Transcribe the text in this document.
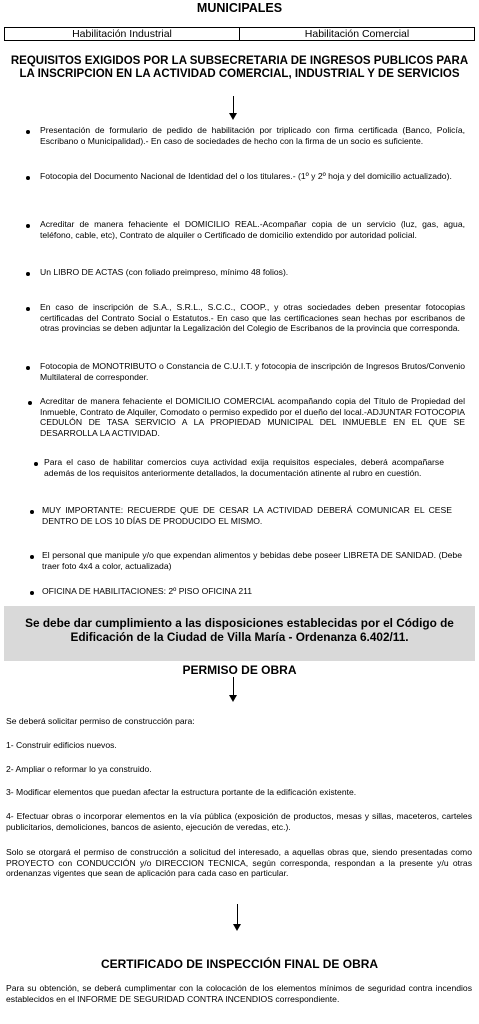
MUNICIPALES
Habilitación Industrial	Habilitación Comercial
REQUISITOS EXIGIDOS POR LA SUBSECRETARIA DE INGRESOS PUBLICOS PARA LA INSCRIPCION EN LA ACTIVIDAD COMERCIAL, INDUSTRIAL Y DE SERVICIOS
Presentación de formulario de pedido de habilitación por triplicado con firma certificada (Banco, Policía, Escribano o Municipalidad).- En caso de sociedades de hecho con la firma de un socio es suficiente.
Fotocopia del Documento Nacional de Identidad del o los titulares.- (1º y 2º hoja y del domicilio actualizado).
Acreditar de manera fehaciente el DOMICILIO REAL.-Acompañar copia de un servicio (luz, gas, agua, teléfono, cable, etc), Contrato de alquiler o Certificado de domicilio extendido por autoridad policial.
Un LIBRO DE ACTAS (con foliado preimpreso, mínimo 48 folios).
En caso de inscripción de S.A., S.R.L., S.C.C., COOP., y otras sociedades deben presentar fotocopias certificadas del Contrato Social o Estatutos.- En caso que las certificaciones sean hechas por escribanos de otras provincias se deben adjuntar la Legalización del Colegio de Escribanos de la provincia que corresponda.
Fotocopia de MONOTRIBUTO o Constancia de C.U.I.T. y fotocopia de inscripción de Ingresos Brutos/Convenio Multilateral de corresponder.
Acreditar de manera fehaciente el DOMICILIO COMERCIAL acompañando copia del Título de Propiedad del Inmueble, Contrato de Alquiler, Comodato o permiso expedido por el dueño del local.-ADJUNTAR FOTOCOPIA CEDULÓN DE TASA SERVICIO A LA PROPIEDAD MUNICIPAL DEL INMUEBLE EN EL QUE SE DESARROLLA LA ACTIVIDAD.
Para el caso de habilitar comercios cuya actividad exija requisitos especiales, deberá acompañarse además de los requisitos anteriormente detallados, la documentación atinente al rubro en cuestión.
MUY IMPORTANTE: RECUERDE QUE DE CESAR LA ACTIVIDAD DEBERÁ COMUNICAR EL CESE DENTRO DE LOS 10 DÍAS DE PRODUCIDO EL MISMO.
El personal que manipule y/o que expendan alimentos y bebidas debe poseer LIBRETA DE SANIDAD. (Debe traer foto 4x4 a color, actualizada)
OFICINA DE HABILITACIONES: 2º PISO OFICINA 211
Se debe dar cumplimiento a las disposiciones establecidas por el Código de Edificación de la Ciudad de Villa María - Ordenanza 6.402/11.
PERMISO DE OBRA
Se deberá solicitar permiso de construcción para:
1- Construir edificios nuevos.
2- Ampliar o reformar lo ya construido.
3- Modificar elementos que puedan afectar la estructura portante de la edificación existente.
4- Efectuar obras o incorporar elementos en la vía pública (exposición de productos, mesas y sillas, maceteros, carteles publicitarios, demoliciones, bancos de asiento, ejecución de veredas, etc.).
Solo se otorgará el permiso de construcción a solicitud del interesado, a aquellas obras que, siendo presentadas como PROYECTO con CONDUCCIÓN y/o DIRECCION TECNICA, según corresponda, respondan a la presente y/u otras ordenanzas vigentes que sean de aplicación para cada caso en particular.
CERTIFICADO DE INSPECCIÓN FINAL DE OBRA
Para su obtención, se deberá cumplimentar con la colocación de los elementos mínimos de seguridad contra incendios establecidos en el INFORME DE SEGURIDAD CONTRA INCENDIOS correspondiente.
